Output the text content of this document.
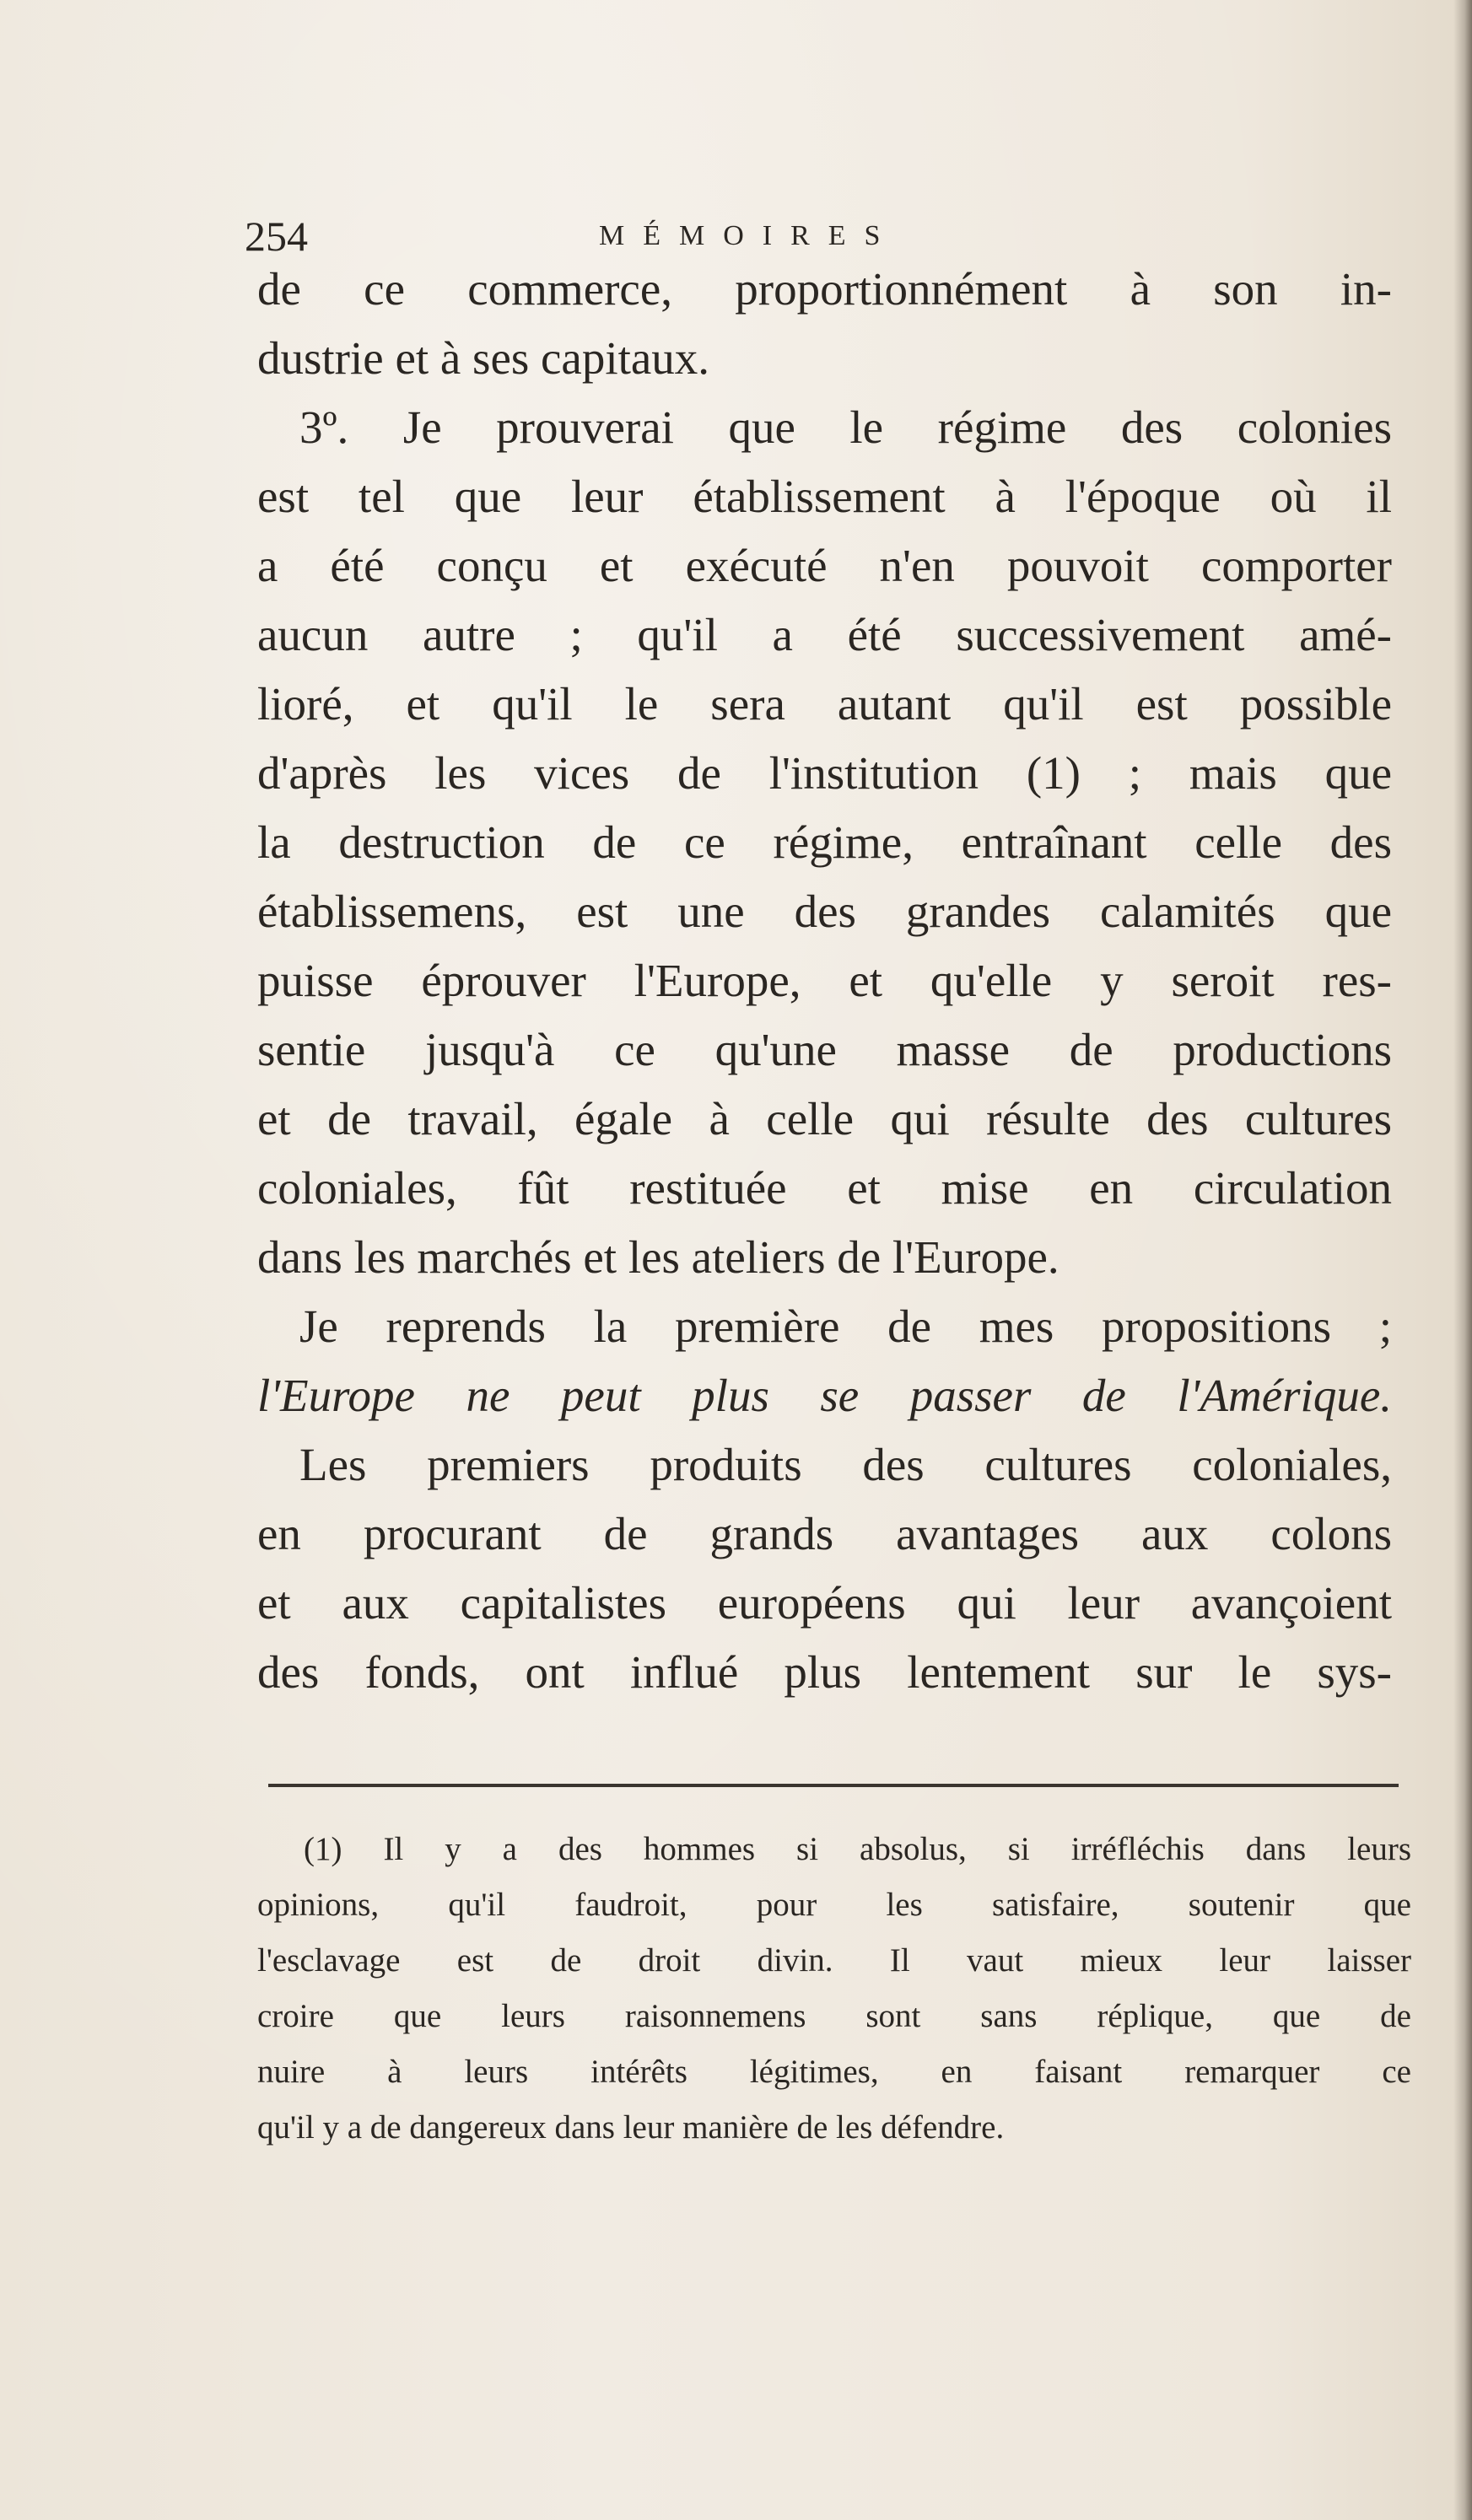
254	MÉMOIRES
de ce commerce, proportionnément à son in-
dustrie et à ses capitaux.
3º. Je prouverai que le régime des colonies
est tel que leur établissement à l'époque où il
a été conçu et exécuté n'en pouvoit comporter
aucun autre ; qu'il a été successivement amé-
lioré, et qu'il le sera autant qu'il est possible
d'après les vices de l'institution (1) ; mais que
la destruction de ce régime, entraînant celle des
établissemens, est une des grandes calamités que
puisse éprouver l'Europe, et qu'elle y seroit res-
sentie jusqu'à ce qu'une masse de productions
et de travail, égale à celle qui résulte des cultures
coloniales, fût restituée et mise en circulation
dans les marchés et les ateliers de l'Europe.
Je reprends la première de mes propositions ;
l'Europe ne peut plus se passer de l'Amérique.
Les premiers produits des cultures coloniales,
en procurant de grands avantages aux colons
et aux capitalistes européens qui leur avançoient
des fonds, ont influé plus lentement sur le sys-
(1) Il y a des hommes si absolus, si irréfléchis dans leurs
opinions, qu'il faudroit, pour les satisfaire, soutenir que
l'esclavage est de droit divin. Il vaut mieux leur laisser
croire que leurs raisonnemens sont sans réplique, que de
nuire à leurs intérêts légitimes, en faisant remarquer ce
qu'il y a de dangereux dans leur manière de les défendre.
